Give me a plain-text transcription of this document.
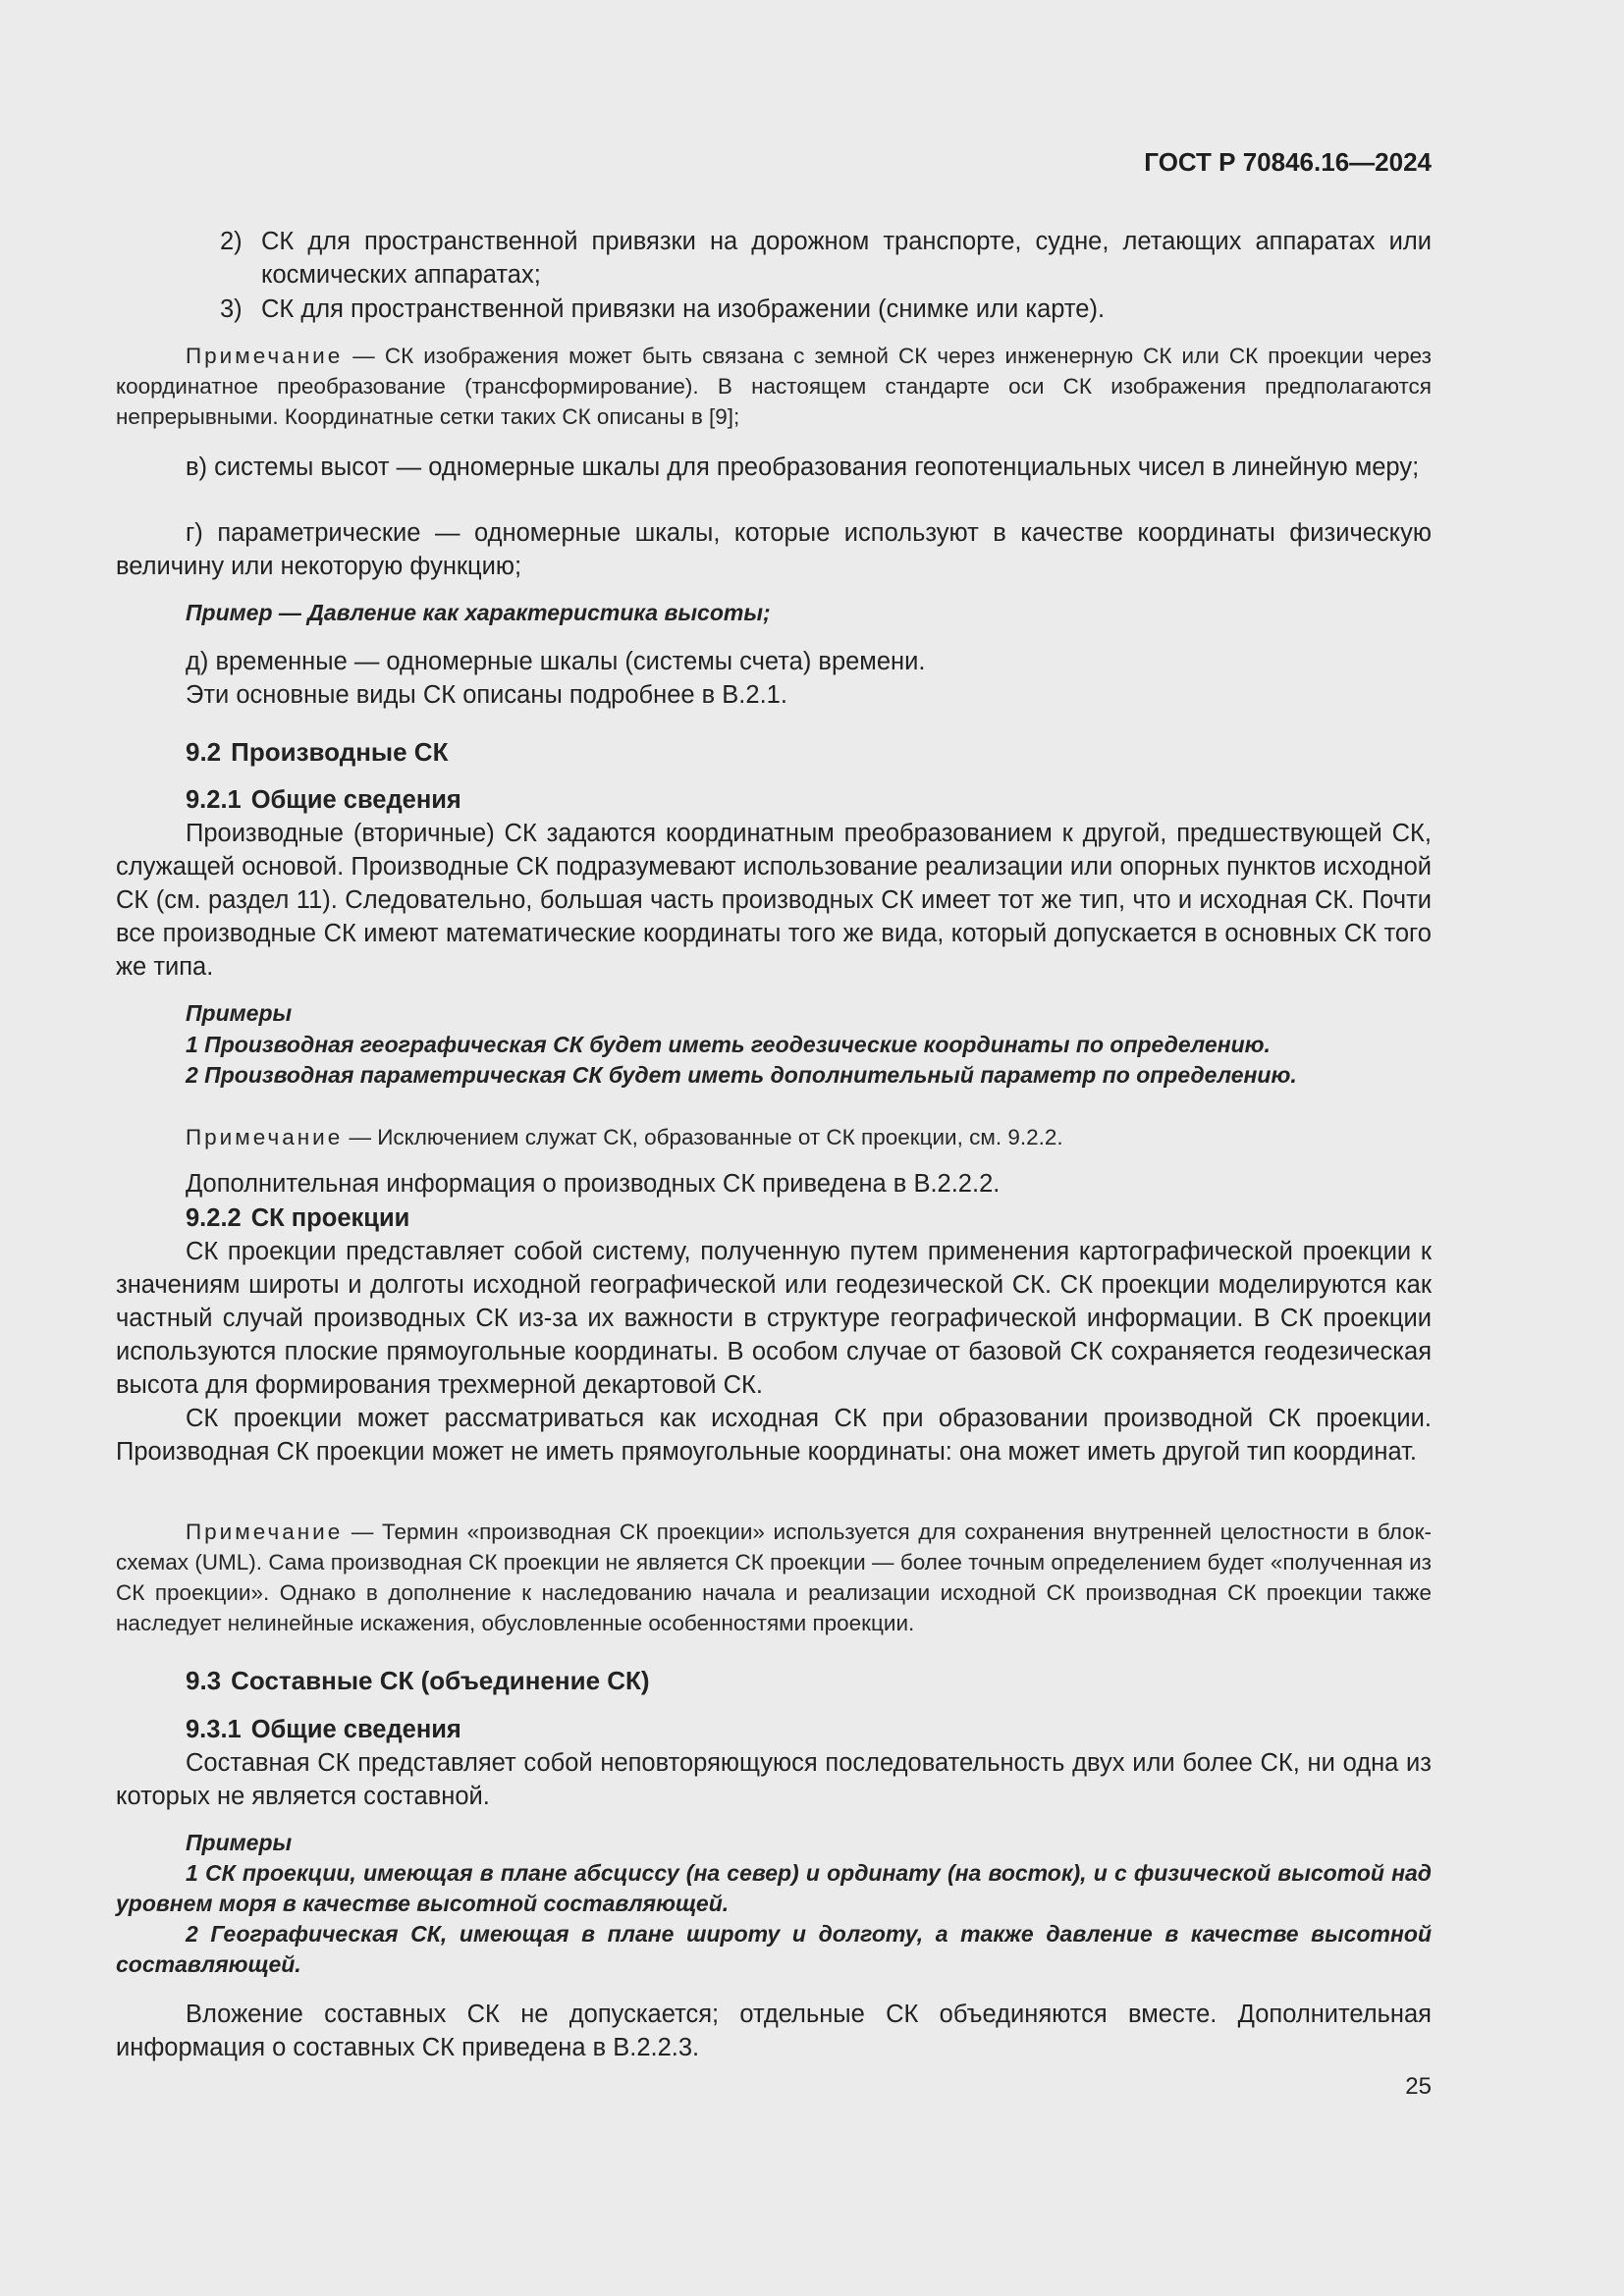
ГОСТ Р 70846.16—2024
2) СК для пространственной привязки на дорожном транспорте, судне, летающих аппаратах или космических аппаратах;
3) СК для пространственной привязки на изображении (снимке или карте).
Примечание — СК изображения может быть связана с земной СК через инженерную СК или СК проекции через координатное преобразование (трансформирование). В настоящем стандарте оси СК изображения предполагаются непрерывными. Координатные сетки таких СК описаны в [9];
в) системы высот — одномерные шкалы для преобразования геопотенциальных чисел в линейную меру;
г) параметрические — одномерные шкалы, которые используют в качестве координаты физическую величину или некоторую функцию;
Пример — Давление как характеристика высоты;
д) временные — одномерные шкалы (системы счета) времени.
Эти основные виды СК описаны подробнее в В.2.1.
9.2 Производные СК
9.2.1 Общие сведения
Производные (вторичные) СК задаются координатным преобразованием к другой, предшествующей СК, служащей основой. Производные СК подразумевают использование реализации или опорных пунктов исходной СК (см. раздел 11). Следовательно, большая часть производных СК имеет тот же тип, что и исходная СК. Почти все производные СК имеют математические координаты того же вида, который допускается в основных СК того же типа.
Примеры
1 Производная географическая СК будет иметь геодезические координаты по определению.
2 Производная параметрическая СК будет иметь дополнительный параметр по определению.
Примечание — Исключением служат СК, образованные от СК проекции, см. 9.2.2.
Дополнительная информация о производных СК приведена в В.2.2.2.
9.2.2 СК проекции
СК проекции представляет собой систему, полученную путем применения картографической проекции к значениям широты и долготы исходной географической или геодезической СК. СК проекции моделируются как частный случай производных СК из-за их важности в структуре географической информации. В СК проекции используются плоские прямоугольные координаты. В особом случае от базовой СК сохраняется геодезическая высота для формирования трехмерной декартовой СК.
СК проекции может рассматриваться как исходная СК при образовании производной СК проекции. Производная СК проекции может не иметь прямоугольные координаты: она может иметь другой тип координат.
Примечание — Термин «производная СК проекции» используется для сохранения внутренней целостности в блок-схемах (UML). Сама производная СК проекции не является СК проекции — более точным определением будет «полученная из СК проекции». Однако в дополнение к наследованию начала и реализации исходной СК производная СК проекции также наследует нелинейные искажения, обусловленные особенностями проекции.
9.3 Составные СК (объединение СК)
9.3.1 Общие сведения
Составная СК представляет собой неповторяющуюся последовательность двух или более СК, ни одна из которых не является составной.
Примеры
1 СК проекции, имеющая в плане абсциссу (на север) и ординату (на восток), и с физической высотой над уровнем моря в качестве высотной составляющей.
2 Географическая СК, имеющая в плане широту и долготу, а также давление в качестве высотной составляющей.
Вложение составных СК не допускается; отдельные СК объединяются вместе. Дополнительная информация о составных СК приведена в В.2.2.3.
25
